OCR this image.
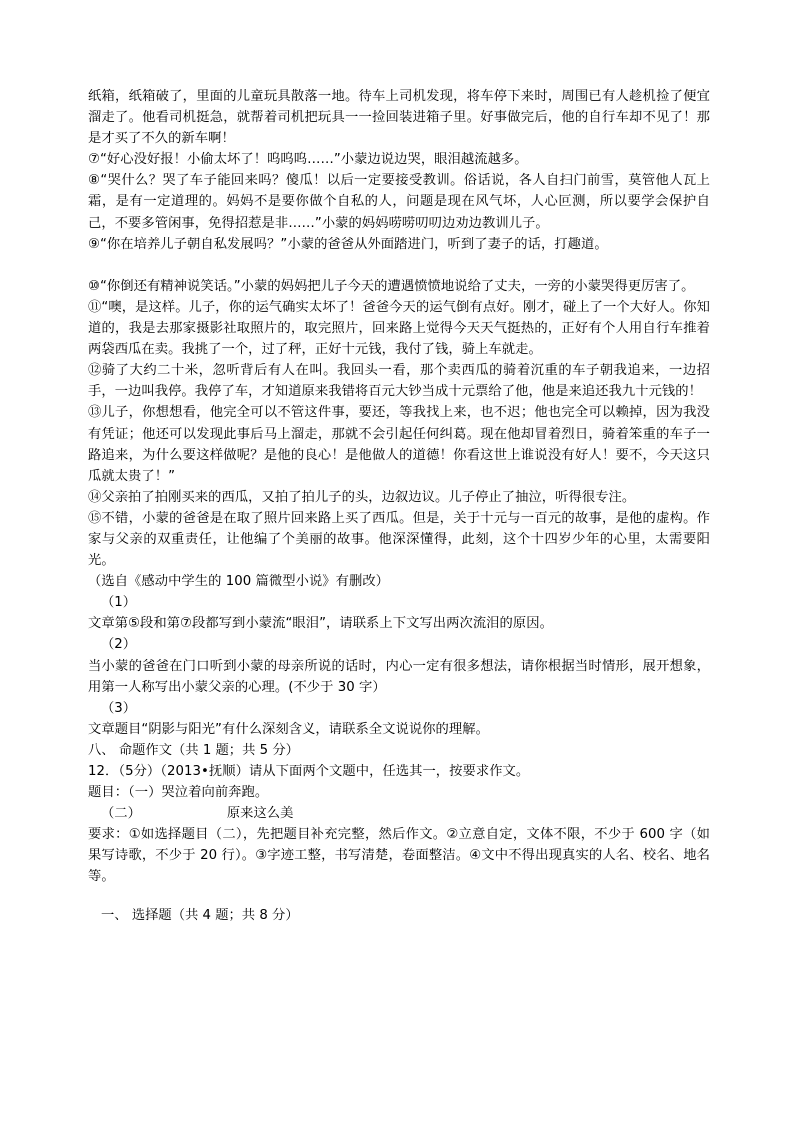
纸箱，纸箱破了，里面的儿童玩具散落一地。待车上司机发现，将车停下来时，周围已有人趁机捡了便宜溜走了。他看司机挺急，就帮着司机把玩具一一捡回装进箱子里。好事做完后，他的自行车却不见了！那是才买了不久的新车啊！

⑦“好心没好报！小偷太坏了！呜呜呜……”小蒙边说边哭，眼泪越流越多。

⑧“哭什么？哭了车子能回来吗？傻瓜！以后一定要接受教训。俗话说，各人自扫门前雪，莫管他人瓦上霜，是有一定道理的。妈妈不是要你做个自私的人，问题是现在风气坏，人心叵测，所以要学会保护自己，不要多管闲事，免得招惹是非……”小蒙的妈妈唠唠叨叨边劝边教训儿子。

⑨“你在培养儿子朝自私发展吗？”小蒙的爸爸从外面踏进门，听到了妻子的话，打趣道。

⑩“你倒还有精神说笑话。”小蒙的妈妈把儿子今天的遭遇愤愤地说给了丈夫，一旁的小蒙哭得更厉害了。

⑪“噢，是这样。儿子，你的运气确实太坏了！爸爸今天的运气倒有点好。刚才，碰上了一个大好人。你知道的，我是去那家摄影社取照片的，取完照片，回来路上觉得今天天气挺热的，正好有个人用自行车推着两袋西瓜在卖。我挑了一个，过了秤，正好十元钱，我付了钱，骑上车就走。

⑫骑了大约二十米，忽听背后有人在叫。我回头一看，那个卖西瓜的骑着沉重的车子朝我追来，一边招手，一边叫我停。我停了车，才知道原来我错将百元大钞当成十元票给了他，他是来追还我九十元钱的！

⑬儿子，你想想看，他完全可以不管这件事，要还，等我找上来，也不迟；他也完全可以赖掉，因为我没有凭证；他还可以发现此事后马上溜走，那就不会引起任何纠葛。现在他却冒着烈日，骑着笨重的车子一路追来，为什么要这样做呢？是他的良心！是他做人的道德！你看这世上谁说没有好人！要不，今天这只瓜就太贵了！”

⑭父亲拍了拍刚买来的西瓜，又拍了拍儿子的头，边叙边议。儿子停止了抽泣，听得很专注。

⑮不错，小蒙的爸爸是在取了照片回来路上买了西瓜。但是，关于十元与一百元的故事，是他的虚构。作家与父亲的双重责任，让他编了个美丽的故事。他深深懂得，此刻，这个十四岁少年的心里，太需要阳光。

（选自《感动中学生的 100 篇微型小说》有删改）

（1）

文章第⑤段和第⑦段都写到小蒙流“眼泪”，请联系上下文写出两次流泪的原因。

（2）

当小蒙的爸爸在门口听到小蒙的母亲所说的话时，内心一定有很多想法，请你根据当时情形，展开想象，用第一人称写出小蒙父亲的心理。(不少于 30 字）

（3）

文章题目“阴影与阳光”有什么深刻含义，请联系全文说说你的理解。

八、 命题作文（共 1 题；共 5 分）

12．（5分）（2013•抚顺）请从下面两个文题中，任选其一，按要求作文。

题目：（一）哭泣着向前奔跑。

（二）	原来这么美

要求：①如选择题目（二），先把题目补充完整，然后作文。②立意自定，文体不限，不少于 600 字（如果写诗歌，不少于 20 行）。③字迹工整，书写清楚，卷面整洁。④文中不得出现真实的人名、校名、地名等。

一、 选择题（共 4 题；共 8 分）
